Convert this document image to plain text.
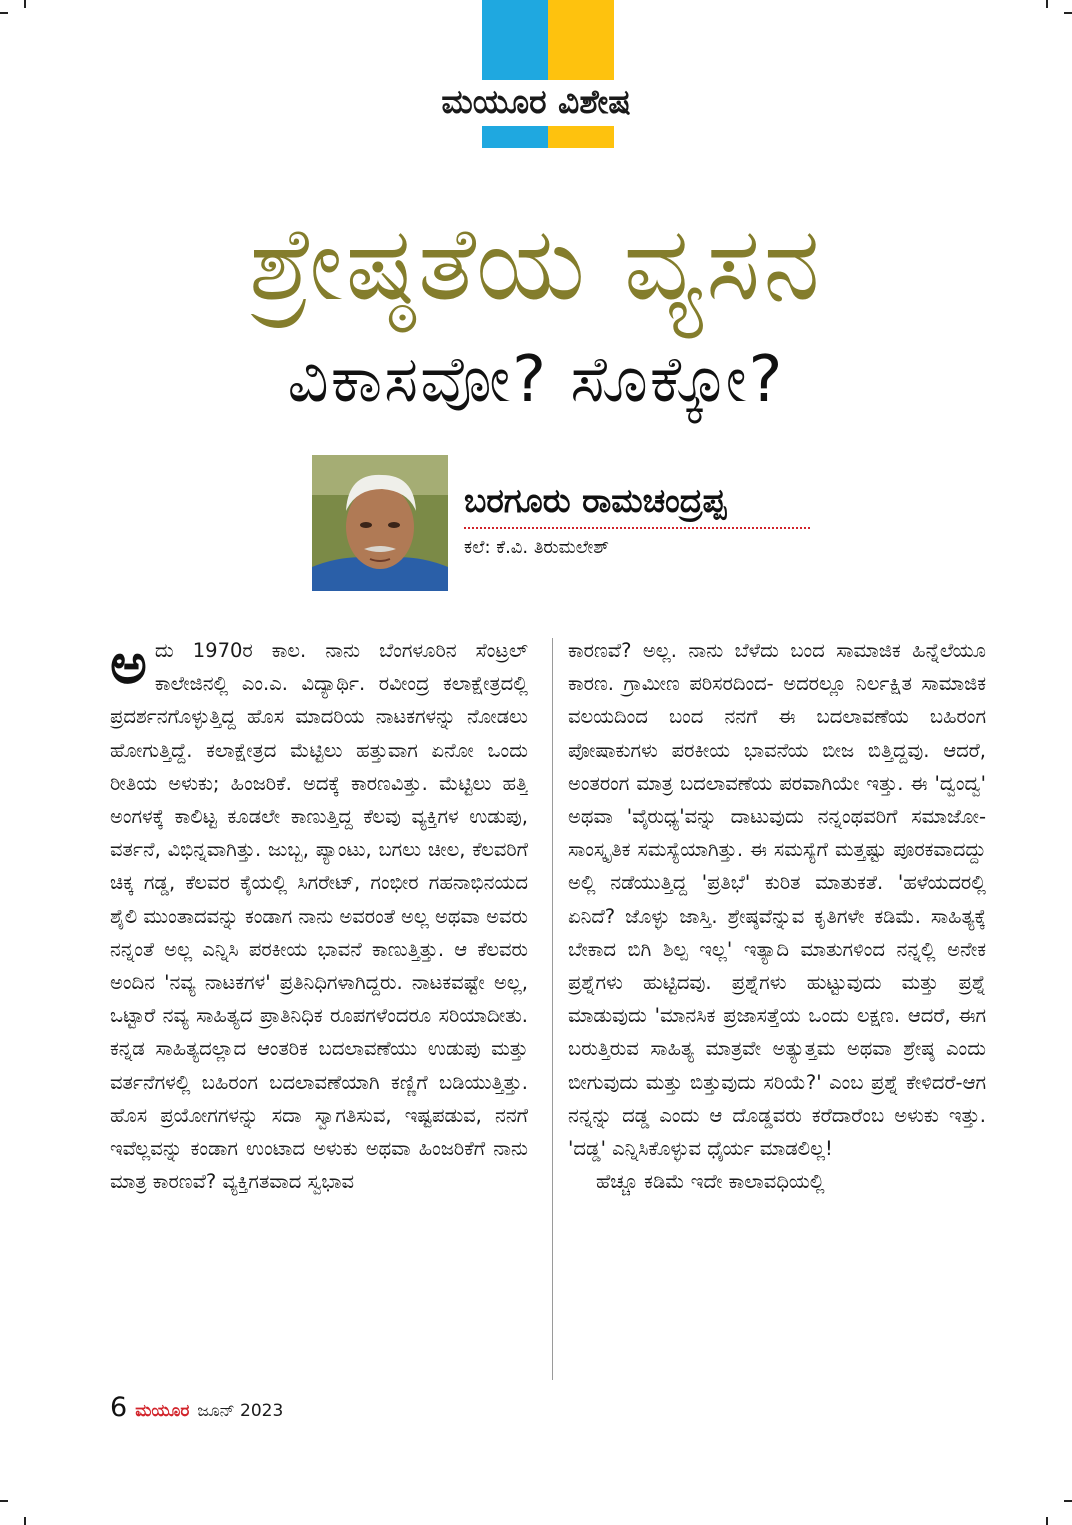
ಮಯೂರ ವಿಶೇಷ
ಶ್ರೇಷ್ಠತೆಯ ವ್ಯಸನ
ವಿಕಾಸವೋ? ಸೊಕ್ಕೋ?
ಬರಗೂರು ರಾಮಚಂದ್ರಪ್ಪ
ಕಲೆ: ಕೆ.ವಿ. ತಿರುಮಲೇಶ್
ಅ ದು 1970ರ ಕಾಲ. ನಾನು ಬೆಂಗಳೂರಿನ ಸೆಂಟ್ರಲ್ ಕಾಲೇಜಿನಲ್ಲಿ ಎಂ.ಎ. ವಿದ್ಯಾರ್ಥಿ. ರವೀಂದ್ರ ಕಲಾಕ್ಷೇತ್ರದಲ್ಲಿ ಪ್ರದರ್ಶನಗೊಳ್ಳುತ್ತಿದ್ದ ಹೊಸ ಮಾದರಿಯ ನಾಟಕಗಳನ್ನು ನೋಡಲು ಹೋಗುತ್ತಿದ್ದೆ. ಕಲಾಕ್ಷೇತ್ರದ ಮೆಟ್ಟಿಲು ಹತ್ತುವಾಗ ಏನೋ ಒಂದು ರೀತಿಯ ಅಳುಕು; ಹಿಂಜರಿಕೆ. ಅದಕ್ಕೆ ಕಾರಣವಿತ್ತು. ಮೆಟ್ಟಿಲು ಹತ್ತಿ ಅಂಗಳಕ್ಕೆ ಕಾಲಿಟ್ಟ ಕೂಡಲೇ ಕಾಣುತ್ತಿದ್ದ ಕೆಲವು ವ್ಯಕ್ತಿಗಳ ಉಡುಪು, ವರ್ತನೆ, ವಿಭಿನ್ನವಾಗಿತ್ತು. ಜುಬ್ಬ, ಪ್ಯಾಂಟು, ಬಗಲು ಚೀಲ, ಕೆಲವರಿಗೆ ಚಿಕ್ಕ ಗಡ್ಡ, ಕೆಲವರ ಕೈಯಲ್ಲಿ ಸಿಗರೇಟ್, ಗಂಭೀರ ಗಹನಾಭಿನಯದ ಶೈಲಿ ಮುಂತಾದವನ್ನು ಕಂಡಾಗ ನಾನು ಅವರಂತೆ ಅಲ್ಲ ಅಥವಾ ಅವರು ನನ್ನಂತೆ ಅಲ್ಲ ಎನ್ನಿಸಿ ಪರಕೀಯ ಭಾವನೆ ಕಾಣುತ್ತಿತ್ತು. ಆ ಕೆಲವರು ಅಂದಿನ 'ನವ್ಯ ನಾಟಕಗಳ' ಪ್ರತಿನಿಧಿಗಳಾಗಿದ್ದರು. ನಾಟಕವಷ್ಟೇ ಅಲ್ಲ, ಒಟ್ಟಾರೆ ನವ್ಯ ಸಾಹಿತ್ಯದ ಪ್ರಾತಿನಿಧಿಕ ರೂಪಗಳೆಂದರೂ ಸರಿಯಾದೀತು. ಕನ್ನಡ ಸಾಹಿತ್ಯದಲ್ಲಾದ ಆಂತರಿಕ ಬದಲಾವಣೆಯು ಉಡುಪು ಮತ್ತು ವರ್ತನೆಗಳಲ್ಲಿ ಬಹಿರಂಗ ಬದಲಾವಣೆಯಾಗಿ ಕಣ್ಣಿಗೆ ಬಡಿಯುತ್ತಿತ್ತು. ಹೊಸ ಪ್ರಯೋಗಗಳನ್ನು ಸದಾ ಸ್ವಾಗತಿಸುವ, ಇಷ್ಟಪಡುವ, ನನಗೆ ಇವೆಲ್ಲವನ್ನು ಕಂಡಾಗ ಉಂಟಾದ ಅಳುಕು ಅಥವಾ ಹಿಂಜರಿಕೆಗೆ ನಾನು ಮಾತ್ರ ಕಾರಣವೆ? ವ್ಯಕ್ತಿಗತವಾದ ಸ್ವಭಾವ

ಕಾರಣವೆ? ಅಲ್ಲ. ನಾನು ಬೆಳೆದು ಬಂದ ಸಾಮಾಜಿಕ ಹಿನ್ನೆಲೆಯೂ ಕಾರಣ. ಗ್ರಾಮೀಣ ಪರಿಸರದಿಂದ- ಅದರಲ್ಲೂ ನಿರ್ಲಕ್ಷಿತ ಸಾಮಾಜಿಕ ವಲಯದಿಂದ ಬಂದ ನನಗೆ ಈ ಬದಲಾವಣೆಯ ಬಹಿರಂಗ ಪೋಷಾಕುಗಳು ಪರಕೀಯ ಭಾವನೆಯ ಬೀಜ ಬಿತ್ತಿದ್ದವು. ಆದರೆ, ಅಂತರಂಗ ಮಾತ್ರ ಬದಲಾವಣೆಯ ಪರವಾಗಿಯೇ ಇತ್ತು. ಈ 'ದ್ವಂದ್ವ' ಅಥವಾ 'ವೈರುಧ್ಯ'ವನ್ನು ದಾಟುವುದು ನನ್ನಂಥವರಿಗೆ ಸಮಾಜೋ- ಸಾಂಸ್ಕೃತಿಕ ಸಮಸ್ಯೆಯಾಗಿತ್ತು. ಈ ಸಮಸ್ಯೆಗೆ ಮತ್ತಷ್ಟು ಪೂರಕವಾದದ್ದು ಅಲ್ಲಿ ನಡೆಯುತ್ತಿದ್ದ 'ಪ್ರತಿಭೆ' ಕುರಿತ ಮಾತುಕತೆ. 'ಹಳೆಯದರಲ್ಲಿ ಏನಿದೆ? ಜೊಳ್ಳು ಜಾಸ್ತಿ. ಶ್ರೇಷ್ಠವೆನ್ನುವ ಕೃತಿಗಳೇ ಕಡಿಮೆ. ಸಾಹಿತ್ಯಕ್ಕೆ ಬೇಕಾದ ಬಿಗಿ ಶಿಲ್ಪ ಇಲ್ಲ' ಇತ್ಯಾದಿ ಮಾತುಗಳಿಂದ ನನ್ನಲ್ಲಿ ಅನೇಕ ಪ್ರಶ್ನೆಗಳು ಹುಟ್ಟಿದವು. ಪ್ರಶ್ನೆಗಳು ಹುಟ್ಟುವುದು ಮತ್ತು ಪ್ರಶ್ನೆ ಮಾಡುವುದು 'ಮಾನಸಿಕ ಪ್ರಜಾಸತ್ತೆಯ ಒಂದು ಲಕ್ಷಣ. ಆದರೆ, ಈಗ ಬರುತ್ತಿರುವ ಸಾಹಿತ್ಯ ಮಾತ್ರವೇ ಅತ್ಯುತ್ತಮ ಅಥವಾ ಶ್ರೇಷ್ಠ ಎಂದು ಬೀಗುವುದು ಮತ್ತು ಬಿತ್ತುವುದು ಸರಿಯೆ?' ಎಂಬ ಪ್ರಶ್ನೆ ಕೇಳಿದರೆ-ಆಗ ನನ್ನನ್ನು ದಡ್ಡ ಎಂದು ಆ ದೊಡ್ಡವರು ಕರೆದಾರೆಂಬ ಅಳುಕು ಇತ್ತು. 'ದಡ್ಡ' ಎನ್ನಿಸಿಕೊಳ್ಳುವ ಧೈರ್ಯ ಮಾಡಲಿಲ್ಲ!

ಹೆಚ್ಚೂ ಕಡಿಮೆ ಇದೇ ಕಾಲಾವಧಿಯಲ್ಲಿ

6 ಮಯೂರ ಜೂನ್ 2023
